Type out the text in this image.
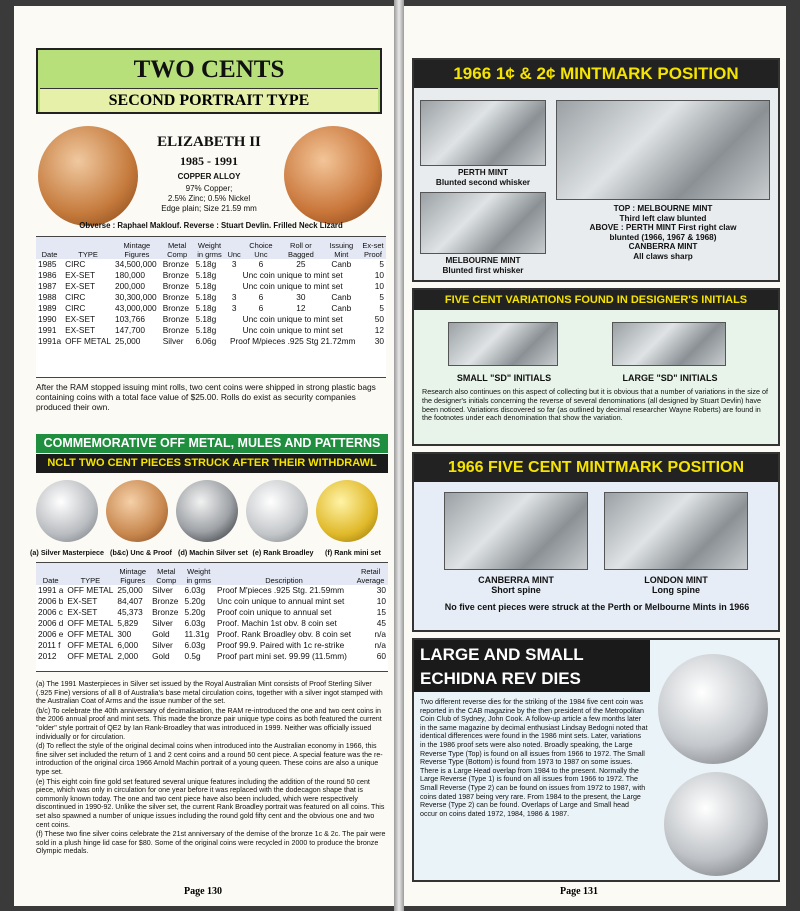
TWO CENTS
SECOND PORTRAIT TYPE
ELIZABETH II
1985 - 1991
COPPER ALLOY
97% Copper;
2.5% Zinc; 0.5% Nickel
Edge plain; Size 21.59 mm
Obverse : Raphael Maklouf. Reverse : Stuart Devlin. Frilled Neck Lizard
Date	TYPE	Mintage Figures	Metal Comp	Weight in grms	Unc	Choice Unc	Roll or Bagged	Issuing Mint	Ex-set Proof
1985	CIRC	34,500,000	Bronze	5.18g	3	6	25	Canb	5
1986	EX-SET	180,000	Bronze	5.18g	Unc coin unique to mint set				10
1987	EX-SET	200,000	Bronze	5.18g	Unc coin unique to mint set				10
1988	CIRC	30,300,000	Bronze	5.18g	3	6	30	Canb	5
1989	CIRC	43,000,000	Bronze	5.18g	3	6	12	Canb	5
1990	EX-SET	103,766	Bronze	5.18g	Unc coin unique to mint set				50
1991	EX-SET	147,700	Bronze	5.18g	Unc coin unique to mint set				12
1991a	OFF METAL	25,000	Silver	6.06g	Proof M/pieces .925 Stg 21.72mm				30
After the RAM stopped issuing mint rolls, two cent coins were shipped in strong plastic bags containing coins with a total face value of $25.00. Rolls do exist as security companies produced their own.
COMMEMORATIVE OFF METAL, MULES AND PATTERNS
NCLT TWO CENT PIECES STRUCK AFTER THEIR WITHDRAWL
(a) Silver Masterpiece (b&c) Unc & Proof (d) Machin Silver set (e) Rank Broadley	(f) Rank mini set
Date	TYPE	Mintage Figures	Metal Comp	Weight in grms	Description	Retail Average
1991 a	OFF METAL	25,000	Silver	6.03g	Proof M'pieces .925 Stg. 21.59mm	30
2006 b	EX-SET	84,407	Bronze	5.20g	Unc coin unique to annual mint set	10
2006 c	EX-SET	45,373	Bronze	5.20g	Proof coin unique to annual set	15
2006 d	OFF METAL	5,829	Silver	6.03g	Proof. Machin 1st obv. 8 coin set	45
2006 e	OFF METAL	300	Gold	11.31g	Proof. Rank Broadley obv. 8 coin set	n/a
2011 f	OFF METAL	6,000	Silver	6.03g	Proof 99.9. Paired with 1c re-strike	n/a
2012	OFF METAL	2,000	Gold	0.5g	Proof part mini set. 99.99 (11.5mm)	60
(a) The 1991 Masterpieces in Silver set issued by the Royal Australian Mint consists of Proof Sterling Silver (.925 Fine) versions of all 8 of Australia's base metal circulation coins, together with a silver ingot stamped with the Australian Coat of Arms and the issue number of the set.
(b/c) To celebrate the 40th anniversary of decimalisation, the RAM re-introduced the one and two cent coins in the 2006 annual proof and mint sets. This made the bronze pair unique type coins as both featured the current "older" style portrait of QE2 by Ian Rank-Broadley that was introduced in 1999. Neither was officially issued individually or for circulation.
(d) To reflect the style of the original decimal coins when introduced into the Australian economy in 1966, this fine silver set included the return of 1 and 2 cent coins and a round 50 cent piece. A special feature was the re-introduction of the original circa 1966 Arnold Machin portrait of a young queen. These coins are also a unique type set.
(e) This eight coin fine gold set featured several unique features including the addition of the round 50 cent piece, which was only in circulation for one year before it was replaced with the dodecagon shape that is commonly known today. The one and two cent piece have also been included, which were respectively discontinued in 1990-92. Unlike the silver set, the current Rank Broadley portrait was featured on all coins. This set also spawned a number of unique issues including the round gold fifty cent and the obvious one and two cent coins.
(f) These two fine silver coins celebrate the 21st anniversary of the demise of the bronze 1c & 2c. The pair were sold in a plush hinge lid case for $80. Some of the original coins were recycled in 2000 to produce the bronze Olympic medals.
Page 130
1966 1¢ & 2¢ MINTMARK POSITION
PERTH MINT
Blunted second whisker
MELBOURNE MINT
Blunted first whisker
TOP : MELBOURNE MINT
Third left claw blunted
ABOVE : PERTH MINT First right claw
blunted (1966, 1967 & 1968)
CANBERRA MINT
All claws sharp
FIVE CENT VARIATIONS FOUND IN DESIGNER'S INITIALS
SMALL "SD" INITIALS	LARGE "SD" INITIALS
Research also continues on this aspect of collecting but it is obvious that a number of variations in the size of the designer's initials concerning the reverse of several denominations (all designed by Stuart Devlin) have been noticed. Variations discovered so far (as outlined by decimal researcher Wayne Roberts) are found in the footnotes under each denomination that show the variation.
1966 FIVE CENT MINTMARK POSITION
CANBERRA MINT
Short spine
LONDON MINT
Long spine
No five cent pieces were struck at the Perth or Melbourne Mints in 1966
LARGE AND SMALL
ECHIDNA REV DIES
Two different reverse dies for the striking of the 1984 five cent coin was reported in the CAB magazine by the then president of the Metropolitan Coin Club of Sydney, John Cook. A follow-up article a few months later in the same magazine by decimal enthusiast Lindsay Bedogni noted that identical differences were found in the 1986 mint sets. Later, variations in the 1986 proof sets were also noted. Broadly speaking, the Large Reverse Type (Top) is found on all issues from 1966 to 1972. The Small Reverse Type (Bottom) is found from 1973 to 1987 on some issues. There is a Large Head overlap from 1984 to the present. Normally the Large Reverse (Type 1) is found on all issues from 1966 to 1972. The Small Reverse (Type 2) can be found on issues from 1972 to 1987, with coins dated 1987 being very rare. From 1984 to the present, the Large Reverse (Type 2) can be found. Overlaps of Large and Small head occur on coins dated 1972, 1984, 1986 & 1987.
Page 131
